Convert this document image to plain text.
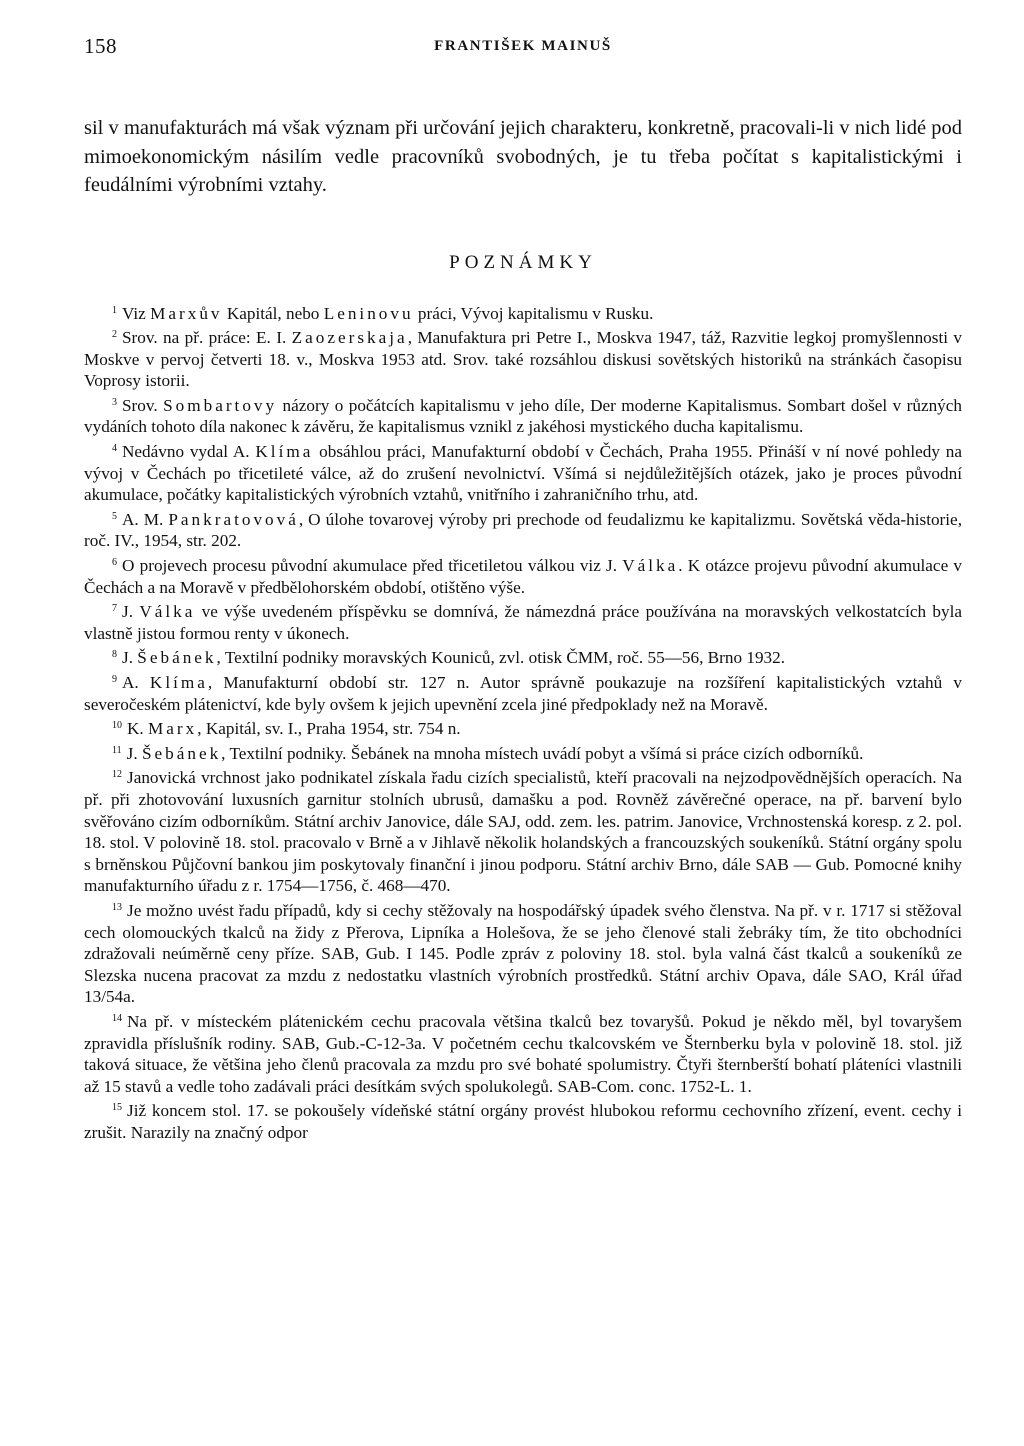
158	FRANTIŠEK MAINUŠ

sil v manufakturách má však význam při určování jejich charakteru, konkretně, pracovali-li v nich lidé pod mimoekonomickým násilím vedle pracovníků svobodných, je tu třeba počítat s kapitalistickými i feudálními výrobními vztahy.

POZNÁMKY

$^1$ Viz Marxův Kapitál, nebo Leninovu práci, Vývoj kapitalismu v Rusku.

$^2$ Srov. na př. práce: E. I. Zaozerskaja, Manufaktura pri Petre I., Moskva 1947, táž, Razvitie legkoj promyšlennosti v Moskve v pervoj četverti 18. v., Moskva 1953 atd. Srov. také rozsáhlou diskusi sovětských historiků na stránkách časopisu Voprosy istorii.

$^3$ Srov. Sombartovy názory o počátcích kapitalismu v jeho díle, Der moderne Kapitalismus. Sombart došel v různých vydáních tohoto díla nakonec k závěru, že kapitalismus vznikl z jakéhosi mystického ducha kapitalismu.

$^4$ Nedávno vydal A. Klíma obsáhlou práci, Manufakturní období v Čechách, Praha 1955. Přináší v ní nové pohledy na vývoj v Čechách po třicetileté válce, až do zrušení nevolnictví. Všímá si nejdůležitějších otázek, jako je proces původní akumulace, počátky kapitalistických výrobních vztahů, vnitřního i zahraničního trhu, atd.

$^5$ A. M. Pankratovová, O úlohe tovarovej výroby pri prechode od feudalizmu ke kapitalizmu. Sovětská věda-historie, roč. IV., 1954, str. 202.

$^6$ O projevech procesu původní akumulace před třicetiletou válkou viz J. Válka. K otázce projevu původní akumulace v Čechách a na Moravě v předbělohorském období, otištěno výše.

$^7$ J. Válka ve výše uvedeném příspěvku se domnívá, že námezdná práce používána na moravských velkostatcích byla vlastně jistou formou renty v úkonech.

$^8$ J. Šebánek, Textilní podniky moravských Kouniců, zvl. otisk ČMM, roč. 55—56, Brno 1932.

$^9$ A. Klíma, Manufakturní období str. 127 n. Autor správně poukazuje na rozšíření kapitalistických vztahů v severočeském plátenictví, kde byly ovšem k jejich upevnění zcela jiné předpoklady než na Moravě.

$^{10}$ K. Marx, Kapitál, sv. I., Praha 1954, str. 754 n.

$^{11}$ J. Šebánek, Textilní podniky. Šebánek na mnoha místech uvádí pobyt a všímá si práce cizích odborníků.

$^{12}$ Janovická vrchnost jako podnikatel získala řadu cizích specialistů, kteří pracovali na nejzodpovědnějších operacích. Na př. při zhotovování luxusních garnitur stolních ubrusů, damašku a pod. Rovněž závěrečné operace, na př. barvení bylo svěřováno cizím odborníkům. Státní archiv Janovice, dále SAJ, odd. zem. les. patrim. Janovice, Vrchnostenská koresp. z 2. pol. 18. stol. V polovině 18. stol. pracovalo v Brně a v Jihlavě několik holandských a francouzských soukeníků. Státní orgány spolu s brněnskou Půjčovní bankou jim poskytovaly finanční i jinou podporu. Státní archiv Brno, dále SAB — Gub. Pomocné knihy manufakturního úřadu z r. 1754—1756, č. 468—470.

$^{13}$ Je možno uvést řadu případů, kdy si cechy stěžovaly na hospodářský úpadek svého členstva. Na př. v r. 1717 si stěžoval cech olomouckých tkalců na židy z Přerova, Lipníka a Holešova, že se jeho členové stali žebráky tím, že tito obchodníci zdražovali neúměrně ceny příze. SAB, Gub. I 145. Podle zpráv z poloviny 18. stol. byla valná část tkalců a soukeníků ze Slezska nucena pracovat za mzdu z nedostatku vlastních výrobních prostředků. Státní archiv Opava, dále SAO, Král úřad 13/54a.

$^{14}$ Na př. v místeckém plátenickém cechu pracovala většina tkalců bez tovaryšů. Pokud je někdo měl, byl tovaryšem zpravidla příslušník rodiny. SAB, Gub.-C-12-3a. V početném cechu tkalcovském ve Šternberku byla v polovině 18. stol. již taková situace, že většina jeho členů pracovala za mzdu pro své bohaté spolumistry. Čtyři šternberští bohatí pláteníci vlastnili až 15 stavů a vedle toho zadávali práci desítkám svých spolukolegů. SAB-Com. conc. 1752-L. 1.

$^{15}$ Již koncem stol. 17. se pokoušely vídeňské státní orgány provést hlubokou reformu cechovního zřízení, event. cechy i zrušit. Narazily na značný odpor
